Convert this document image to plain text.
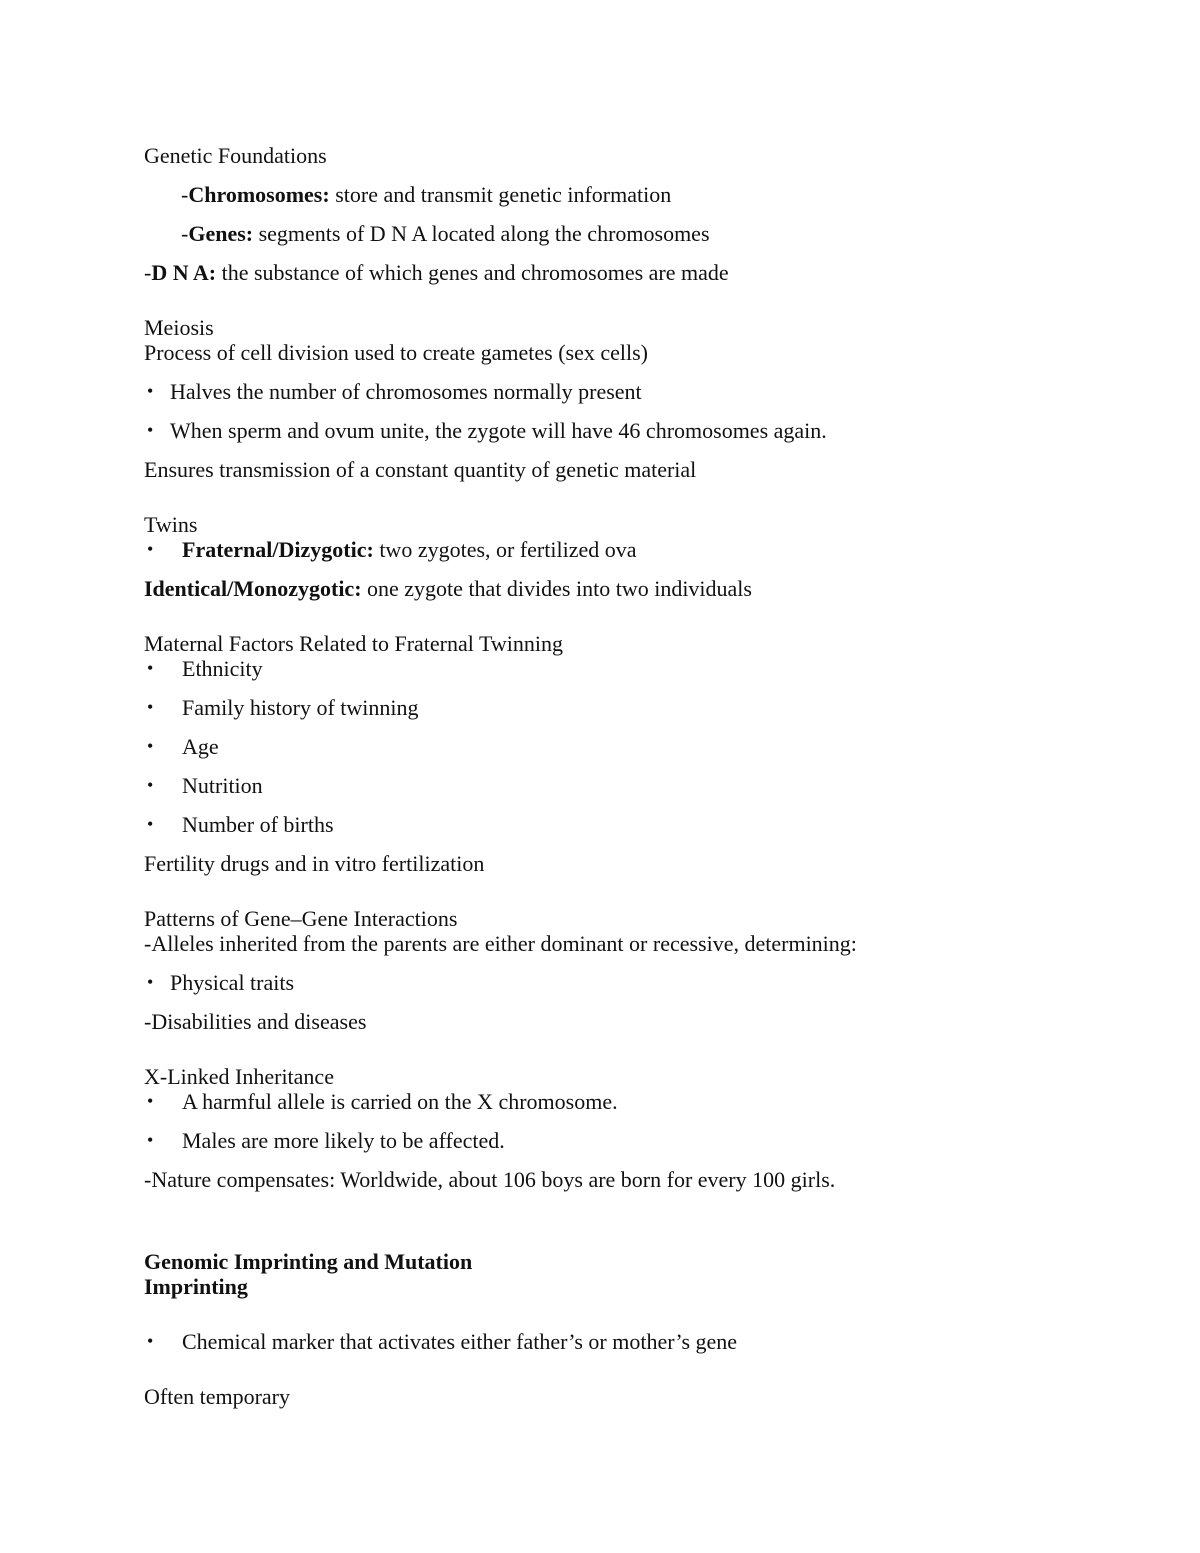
Genetic Foundations
-Chromosomes: store and transmit genetic information
-Genes: segments of D N A located along the chromosomes
-D N A: the substance of which genes and chromosomes are made
Meiosis
Process of cell division used to create gametes (sex cells)
• Halves the number of chromosomes normally present
• When sperm and ovum unite, the zygote will have 46 chromosomes again.
Ensures transmission of a constant quantity of genetic material
Twins
•	Fraternal/Dizygotic: two zygotes, or fertilized ova
Identical/Monozygotic: one zygote that divides into two individuals
Maternal Factors Related to Fraternal Twinning
•	Ethnicity
•	Family history of twinning
•	Age
•	Nutrition
•	Number of births
Fertility drugs and in vitro fertilization
Patterns of Gene–Gene Interactions
-Alleles inherited from the parents are either dominant or recessive, determining:
• Physical traits
-Disabilities and diseases
X-Linked Inheritance
•	A harmful allele is carried on the X chromosome.
•	Males are more likely to be affected.
-Nature compensates: Worldwide, about 106 boys are born for every 100 girls.
Genomic Imprinting and Mutation
Imprinting
•	Chemical marker that activates either father’s or mother’s gene
Often temporary
